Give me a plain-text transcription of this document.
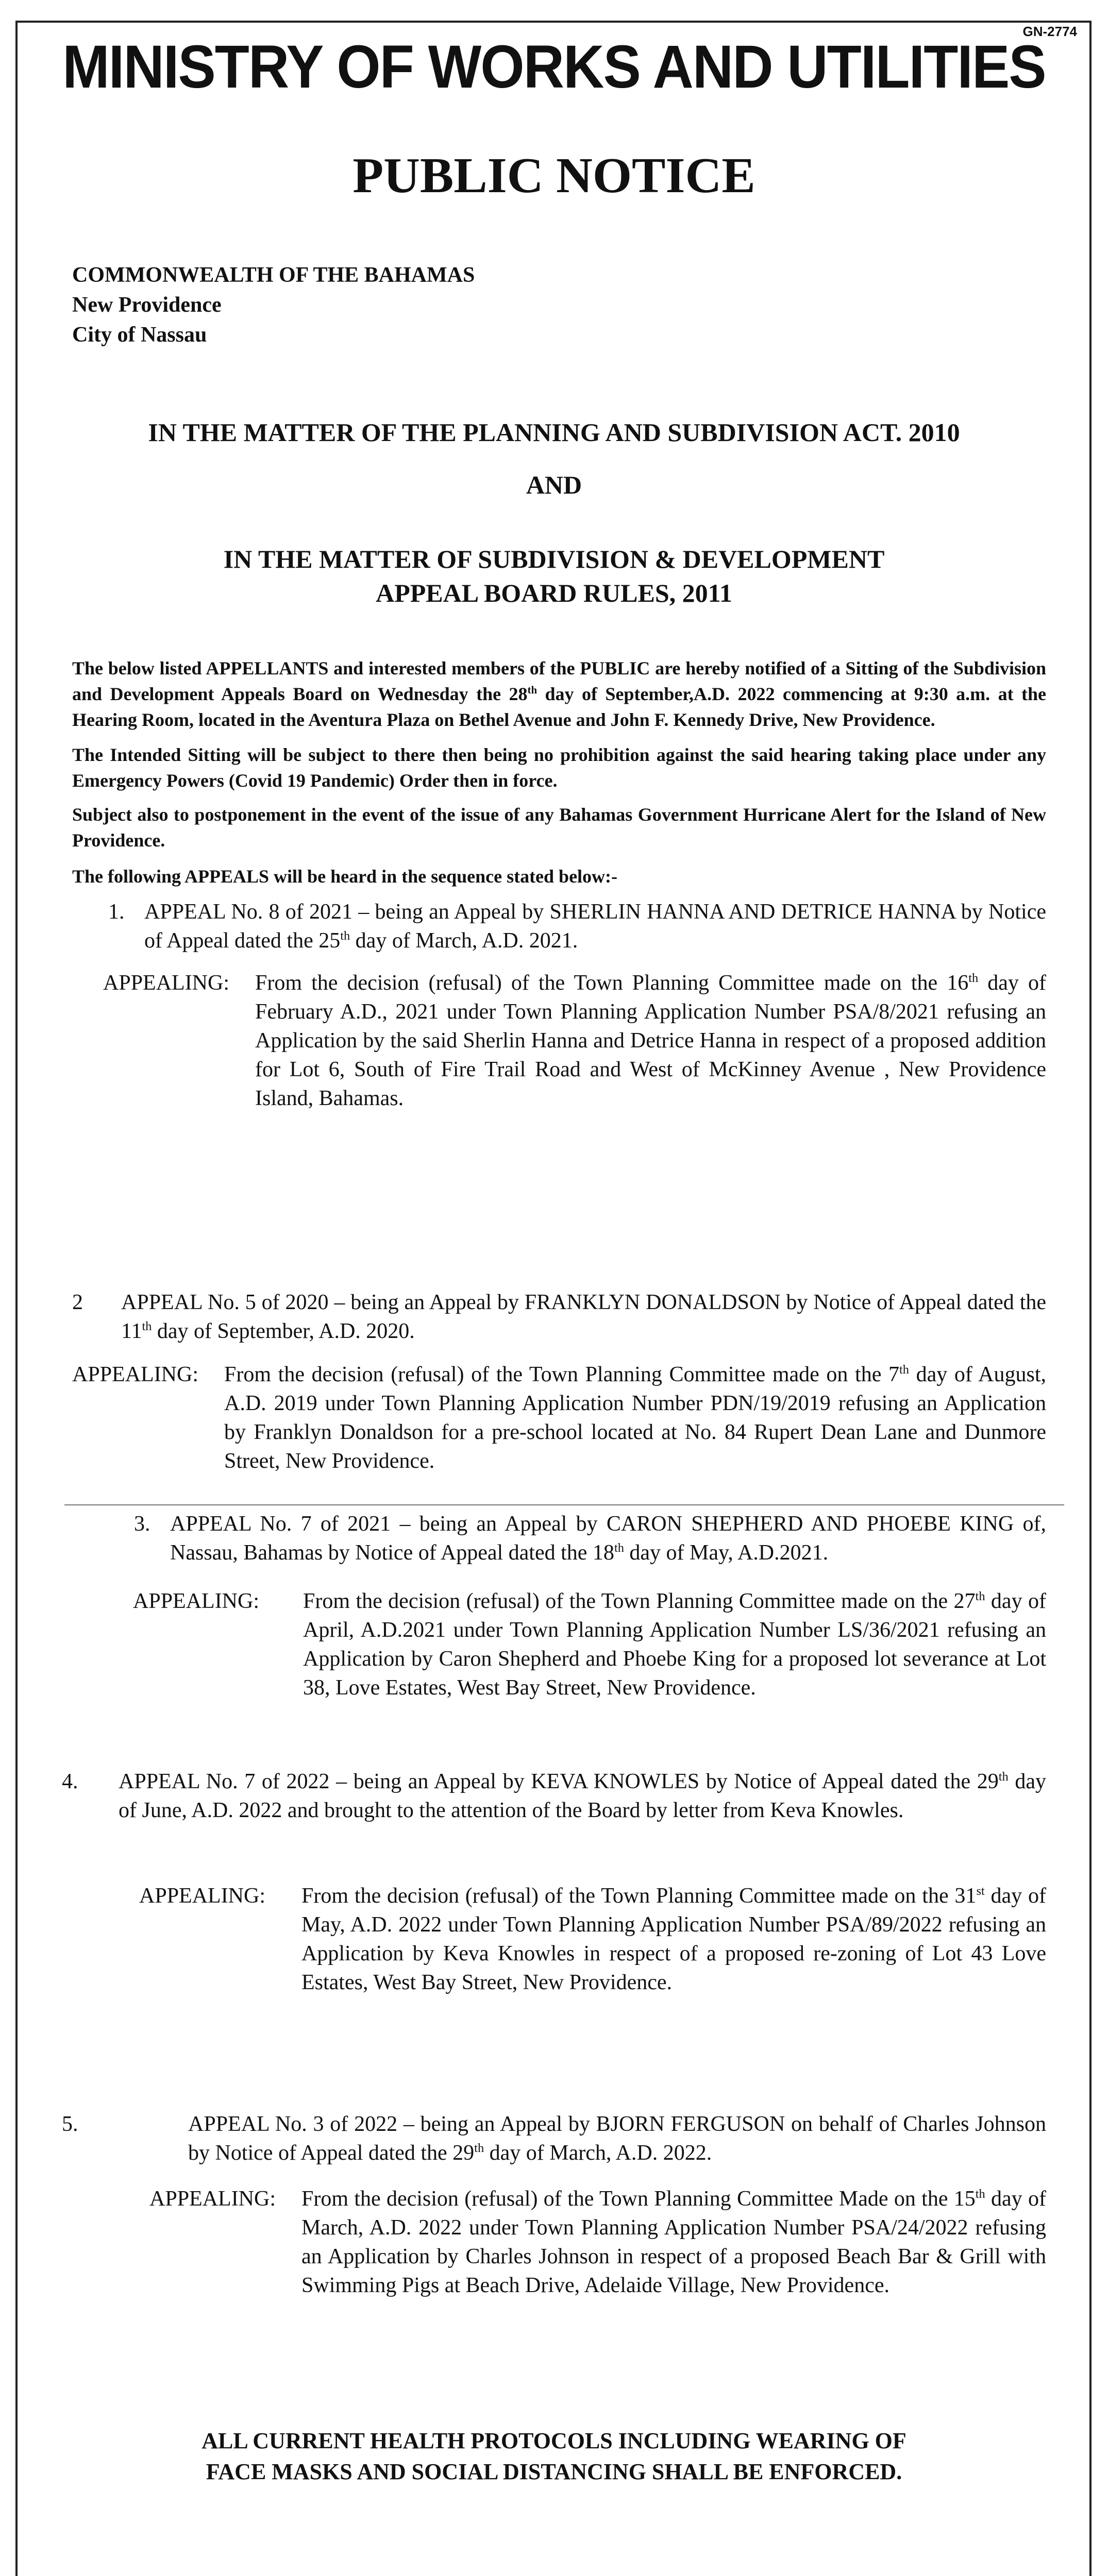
GN-2774
MINISTRY OF WORKS AND UTILITIES
PUBLIC NOTICE
COMMONWEALTH OF THE BAHAMAS
New Providence
City of Nassau
IN THE MATTER OF THE PLANNING AND SUBDIVISION ACT. 2010
AND
IN THE MATTER OF SUBDIVISION & DEVELOPMENT
APPEAL BOARD RULES, 2011
The below listed APPELLANTS and interested members of the PUBLIC are hereby notified of a Sitting of the Subdivision and Development Appeals Board on Wednesday the 28th day of September,A.D. 2022 commencing at 9:30 a.m. at the Hearing Room, located in the Aventura Plaza on Bethel Avenue and John F. Kennedy Drive, New Providence.
The Intended Sitting will be subject to there then being no prohibition against the said hearing taking place under any Emergency Powers (Covid 19 Pandemic) Order then in force.
Subject also to postponement in the event of the issue of any Bahamas Government Hurricane Alert for the Island of New Providence.
The following APPEALS will be heard in the sequence stated below:-
1. APPEAL No. 8 of 2021 – being an Appeal by SHERLIN HANNA AND DETRICE HANNA by Notice of Appeal dated the 25th day of March, A.D. 2021.
APPEALING:	From the decision (refusal) of the Town Planning Committee made on the 16th day of February A.D., 2021 under Town Planning Application Number PSA/8/2021 refusing an Application by the said Sherlin Hanna and Detrice Hanna in respect of a proposed addition for Lot 6, South of Fire Trail Road and West of McKinney Avenue , New Providence Island, Bahamas.
2	APPEAL No. 5 of 2020 – being an Appeal by FRANKLYN DONALDSON by Notice of Appeal dated the 11th day of September, A.D. 2020.
APPEALING:	From the decision (refusal) of the Town Planning Committee made on the 7th day of August, A.D. 2019 under Town Planning Application Number PDN/19/2019 refusing an Application by Franklyn Donaldson for a pre-school located at No. 84 Rupert Dean Lane and Dunmore Street, New Providence.
3. APPEAL No. 7 of 2021 – being an Appeal by CARON SHEPHERD AND PHOEBE KING of, Nassau, Bahamas by Notice of Appeal dated the 18th day of May, A.D.2021.
APPEALING:	From the decision (refusal) of the Town Planning Committee made on the 27th day of April, A.D.2021 under Town Planning Application Number LS/36/2021 refusing an Application by Caron Shepherd and Phoebe King for a proposed lot severance at Lot 38, Love Estates, West Bay Street, New Providence.
4.	APPEAL No. 7 of 2022 – being an Appeal by KEVA KNOWLES by Notice of Appeal dated the 29th day of June, A.D. 2022 and brought to the attention of the Board by letter from Keva Knowles.
APPEALING:	From the decision (refusal) of the Town Planning Committee made on the 31st day of May, A.D. 2022 under Town Planning Application Number PSA/89/2022 refusing an Application by Keva Knowles in respect of a proposed re-zoning of Lot 43 Love Estates, West Bay Street, New Providence.
5.	APPEAL No. 3 of 2022 – being an Appeal by BJORN FERGUSON on behalf of Charles Johnson by Notice of Appeal dated the 29th day of March, A.D. 2022.
APPEALING:	From the decision (refusal) of the Town Planning Committee Made on the 15th day of March, A.D. 2022 under Town Planning Application Number PSA/24/2022 refusing an Application by Charles Johnson in respect of a proposed Beach Bar & Grill with Swimming Pigs at Beach Drive, Adelaide Village, New Providence.
ALL CURRENT HEALTH PROTOCOLS INCLUDING WEARING OF
FACE MASKS AND SOCIAL DISTANCING SHALL BE ENFORCED.
